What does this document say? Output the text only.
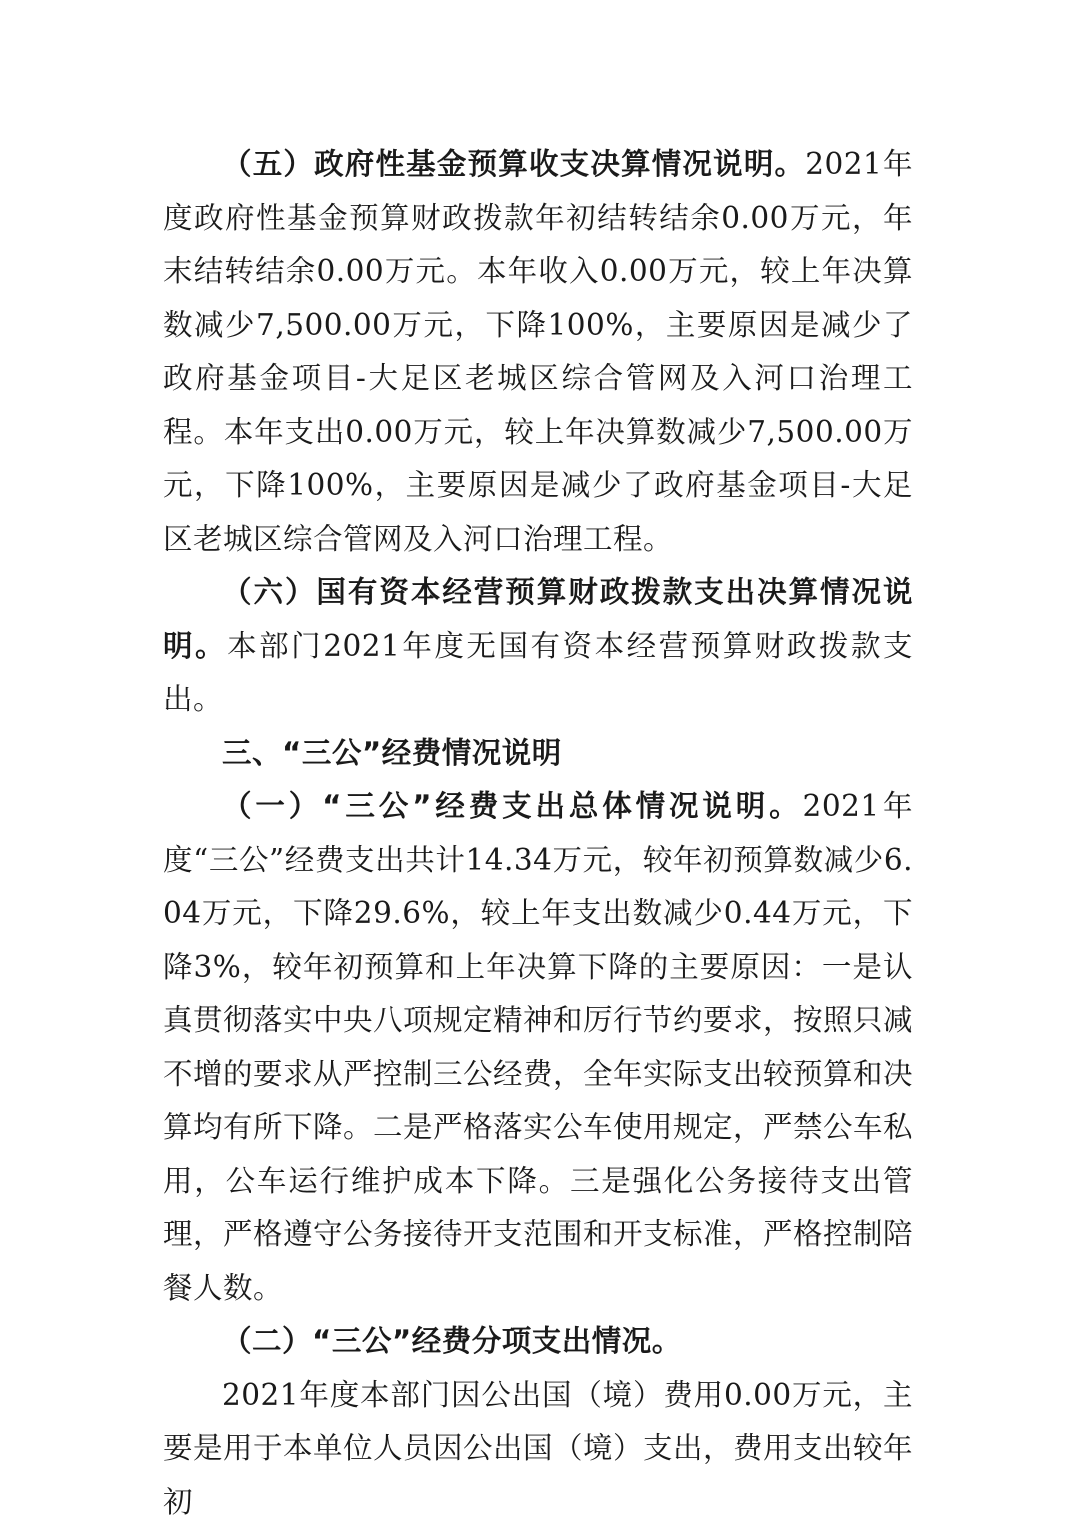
（五）政府性基金预算收支决算情况说明。2021年度政府性基金预算财政拨款年初结转结余0.00万元，年末结转结余0.00万元。本年收入0.00万元，较上年决算数减少7,500.00万元，下降100%，主要原因是减少了政府基金项目-大足区老城区综合管网及入河口治理工程。本年支出0.00万元，较上年决算数减少7,500.00万元，下降100%，主要原因是减少了政府基金项目-大足区老城区综合管网及入河口治理工程。

（六）国有资本经营预算财政拨款支出决算情况说明。本部门2021年度无国有资本经营预算财政拨款支出。

三、“三公”经费情况说明

（一）“三公”经费支出总体情况说明。2021年度“三公”经费支出共计14.34万元，较年初预算数减少6.04万元，下降29.6%，较上年支出数减少0.44万元，下降3%，较年初预算和上年决算下降的主要原因：一是认真贯彻落实中央八项规定精神和厉行节约要求，按照只减不增的要求从严控制三公经费，全年实际支出较预算和决算均有所下降。二是严格落实公车使用规定，严禁公车私用，公车运行维护成本下降。三是强化公务接待支出管理，严格遵守公务接待开支范围和开支标准，严格控制陪餐人数。

（二）“三公”经费分项支出情况。

2021年度本部门因公出国（境）费用0.00万元，主要是用于本单位人员因公出国（境）支出，费用支出较年初
